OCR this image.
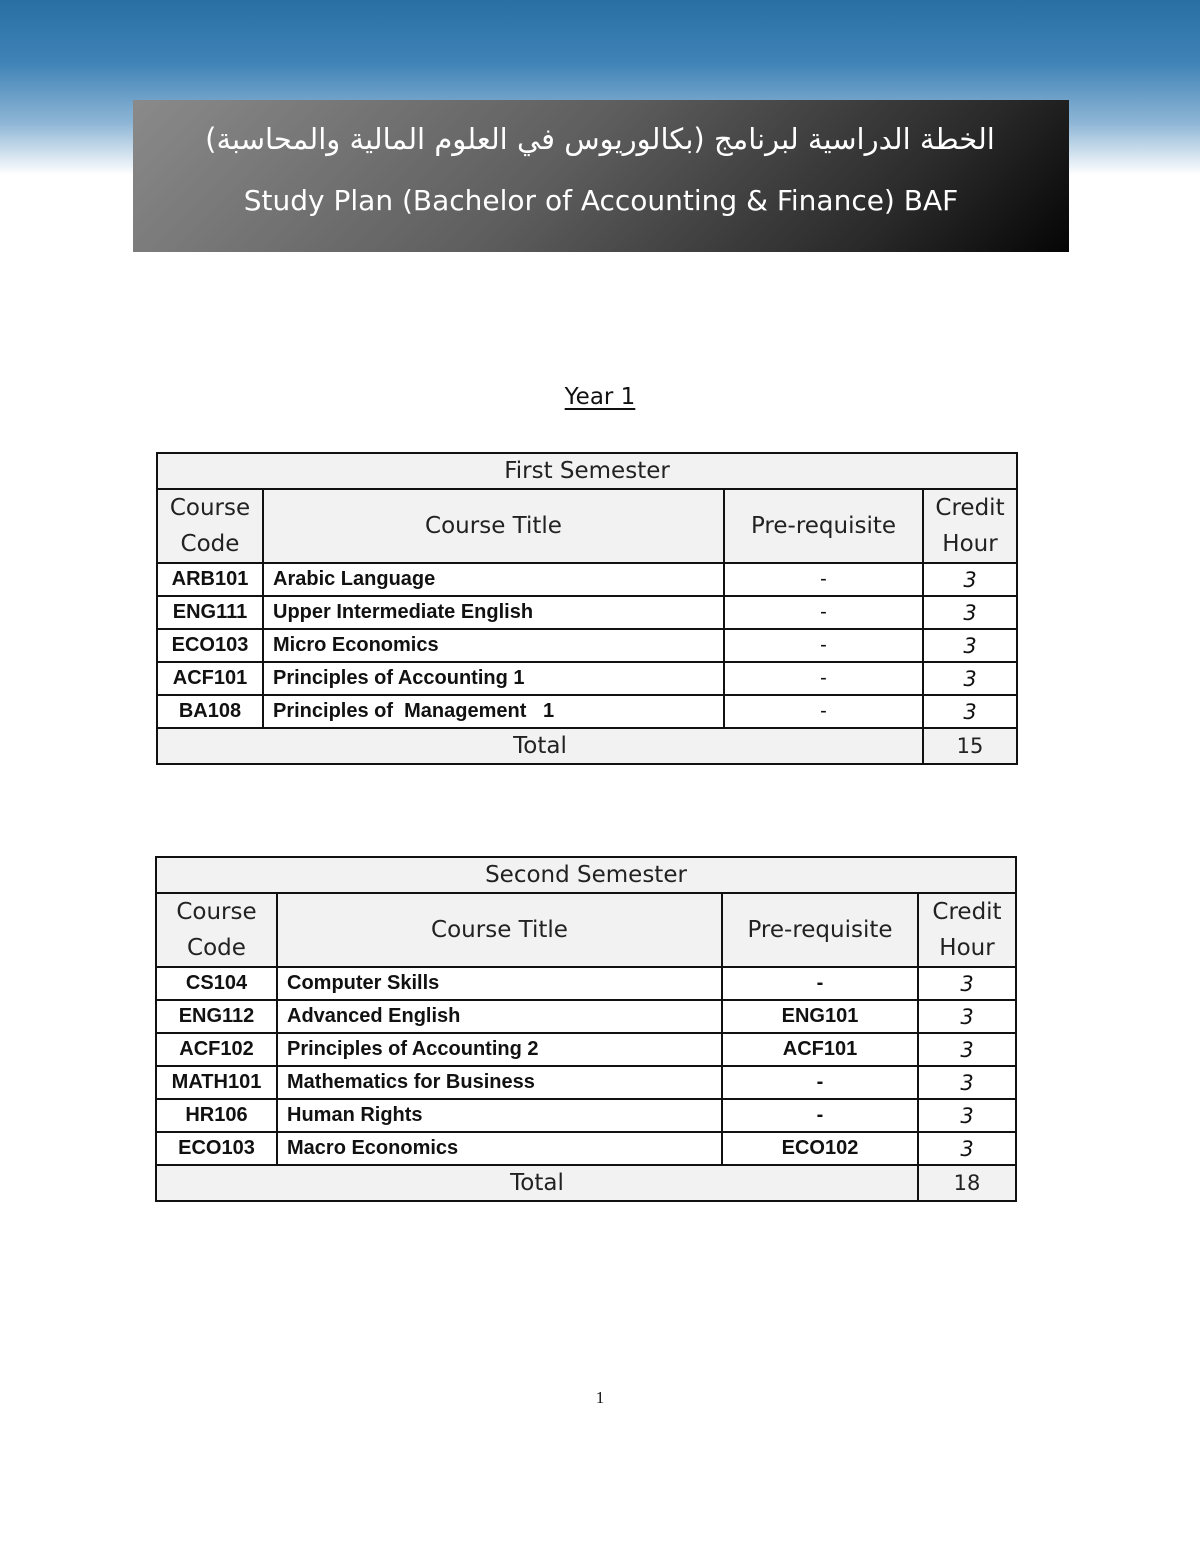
الخطة الدراسية لبرنامج (بكالوريوس في العلوم المالية والمحاسبة)
Study Plan (Bachelor of Accounting & Finance) BAF
Year 1
First Semester			
Course Code	Course Title	Pre-requisite	Credit Hour
ARB101	Arabic Language	-	3
ENG111	Upper Intermediate English	-	3
ECO103	Micro Economics	-	3
ACF101	Principles of Accounting 1	-	3
BA108	Principles of  Management   1	-	3
Total			15
Second Semester			
Course Code	Course Title	Pre-requisite	Credit Hour
CS104	Computer Skills	-	3
ENG112	Advanced English	ENG101	3
ACF102	Principles of Accounting 2	ACF101	3
MATH101	Mathematics for Business	-	3
HR106	Human Rights	-	3
ECO103	Macro Economics	ECO102	3
Total			18
1
